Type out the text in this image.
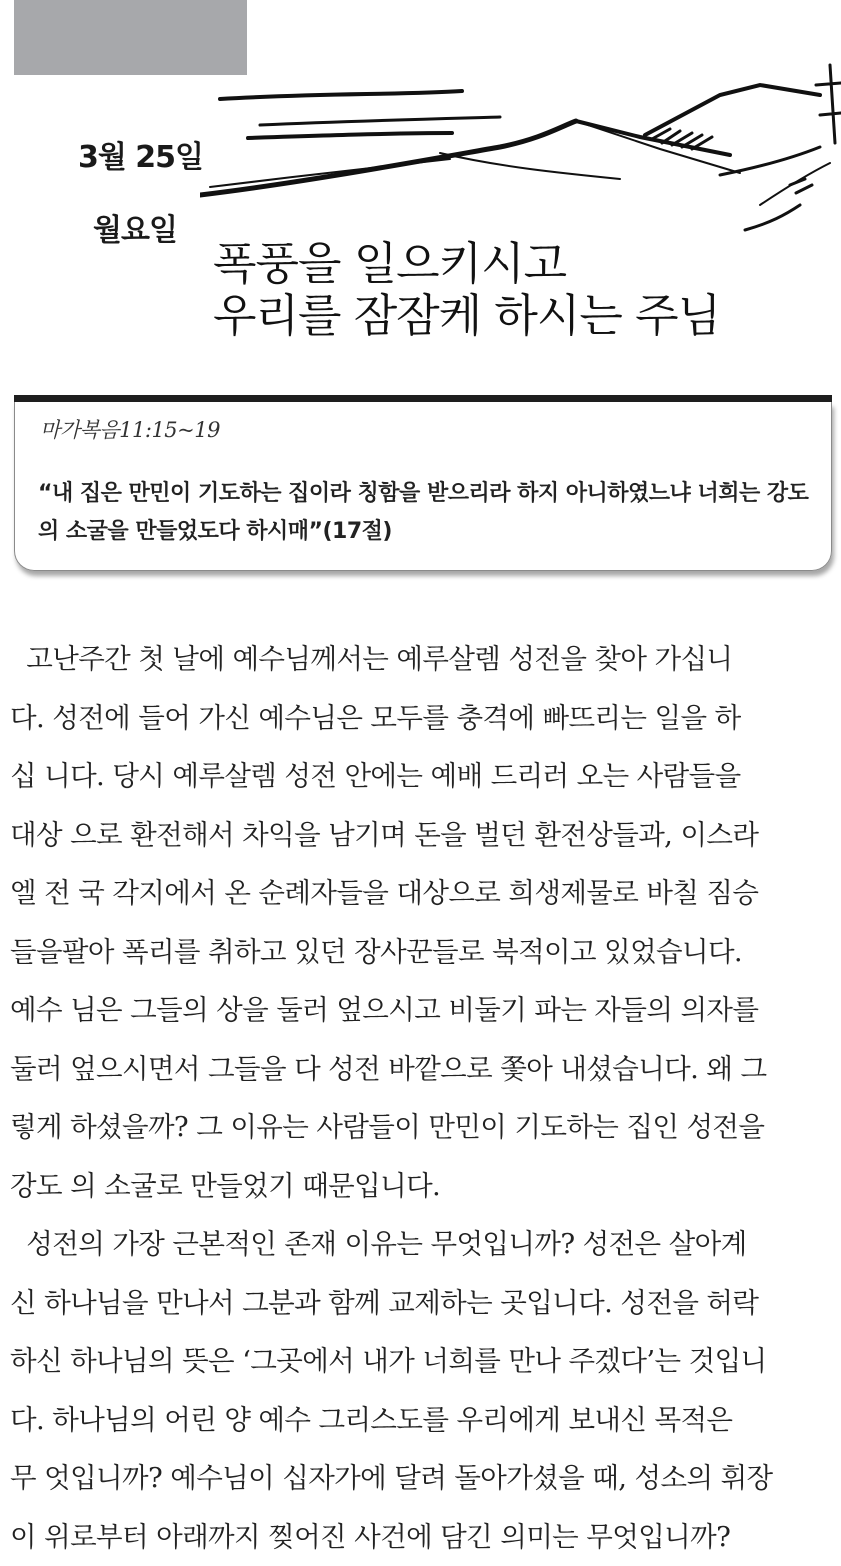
3월 25일
월요일
폭풍을 일으키시고
우리를 잠잠케 하시는 주님
마가복음11:15~19
“내 집은 만민이 기도하는 집이라 칭함을 받으리라 하지 아니하였느냐 너희는 강도의 소굴을 만들었도다 하시매”(17절)
고난주간 첫 날에 예수님께서는 예루살렘 성전을 찾아 가십니
다. 성전에 들어 가신 예수님은 모두를 충격에 빠뜨리는 일을 하
십 니다. 당시 예루살렘 성전 안에는 예배 드리러 오는 사람들을
대상 으로 환전해서 차익을 남기며 돈을 벌던 환전상들과, 이스라
엘 전 국 각지에서 온 순례자들을 대상으로 희생제물로 바칠 짐승
들을팔아 폭리를 취하고 있던 장사꾼들로 북적이고 있었습니다.
예수 님은 그들의 상을 둘러 엎으시고 비둘기 파는 자들의 의자를
둘러 엎으시면서 그들을 다 성전 바깥으로 쫓아 내셨습니다. 왜 그
렇게 하셨을까? 그 이유는 사람들이 만민이 기도하는 집인 성전을
강도 의 소굴로 만들었기 때문입니다.
성전의 가장 근본적인 존재 이유는 무엇입니까? 성전은 살아계
신 하나님을 만나서 그분과 함께 교제하는 곳입니다. 성전을 허락
하신 하나님의 뜻은 ‘그곳에서 내가 너희를 만나 주겠다’는 것입니
다. 하나님의 어린 양 예수 그리스도를 우리에게 보내신 목적은
무 엇입니까? 예수님이 십자가에 달려 돌아가셨을 때, 성소의 휘장
이 위로부터 아래까지 찢어진 사건에 담긴 의미는 무엇입니까?
